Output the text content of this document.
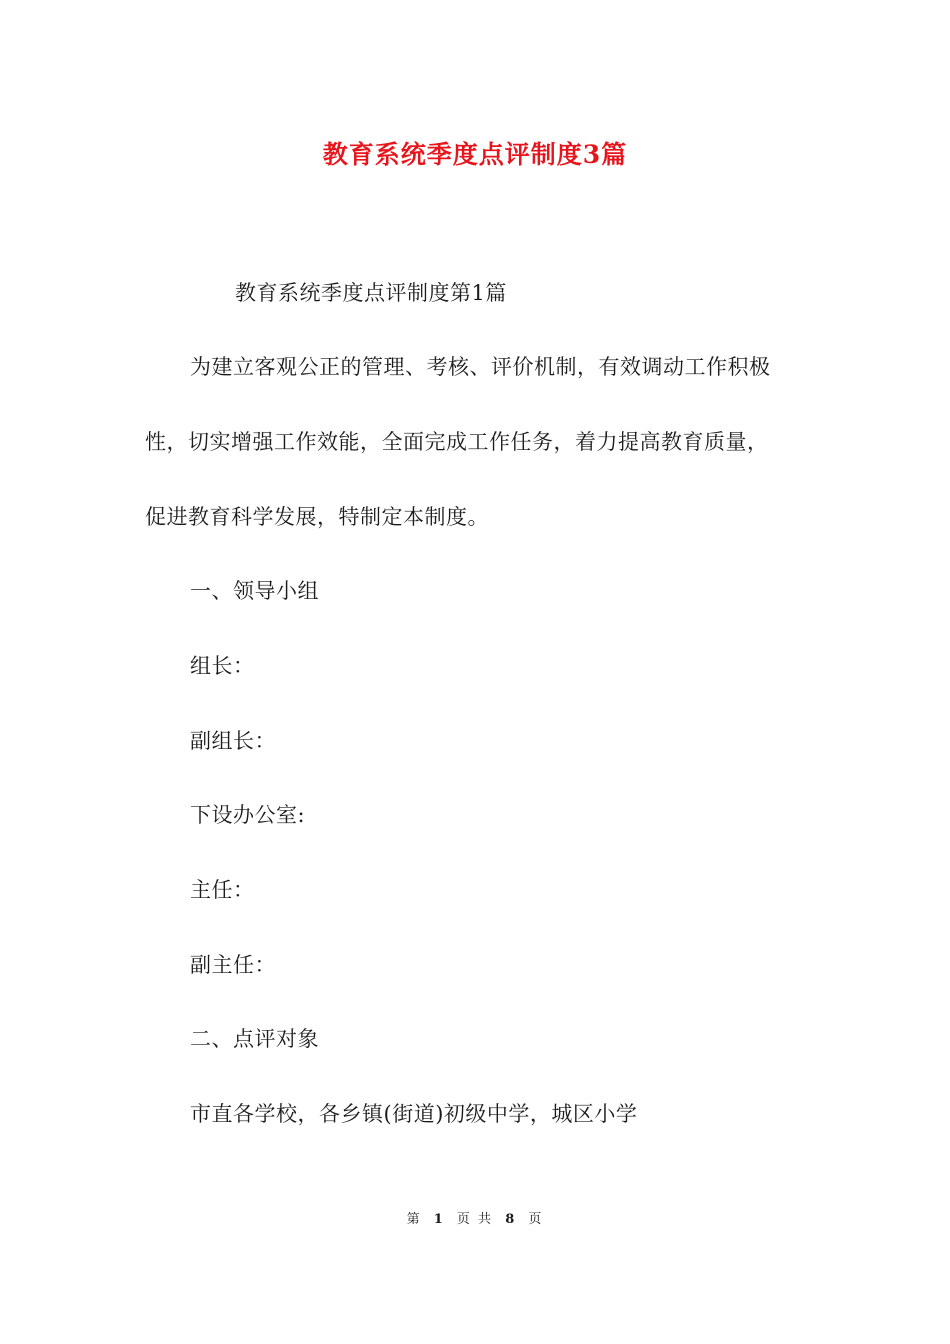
教育系统季度点评制度3篇
教育系统季度点评制度第1篇
为建立客观公正的管理、考核、评价机制，有效调动工作积极
性，切实增强工作效能，全面完成工作任务，着力提高教育质量，
促进教育科学发展，特制定本制度。
一、领导小组
组长：
副组长：
下设办公室:
主任：
副主任：
二、点评对象
市直各学校，各乡镇(街道)初级中学，城区小学
第 1 页 共 8 页
